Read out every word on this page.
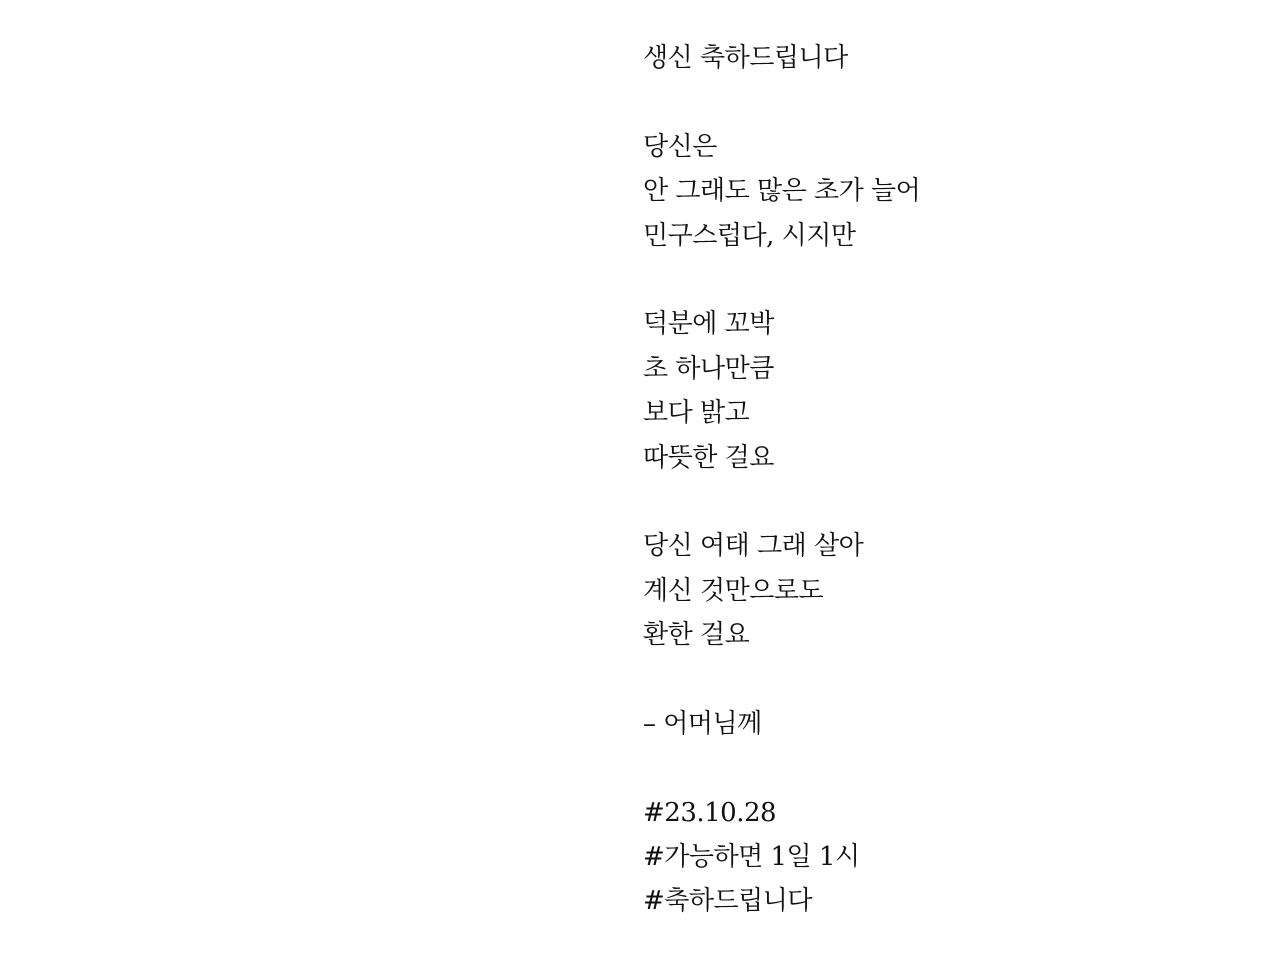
생신 축하드립니다
당신은
안 그래도 많은 초가 늘어
민구스럽다, 시지만
덕분에 꼬박
초 하나만큼
보다 밝고
따뜻한 걸요
당신 여태 그래 살아
계신 것만으로도
환한 걸요
– 어머님께
#23.10.28
#가능하면 1일 1시
#축하드립니다
